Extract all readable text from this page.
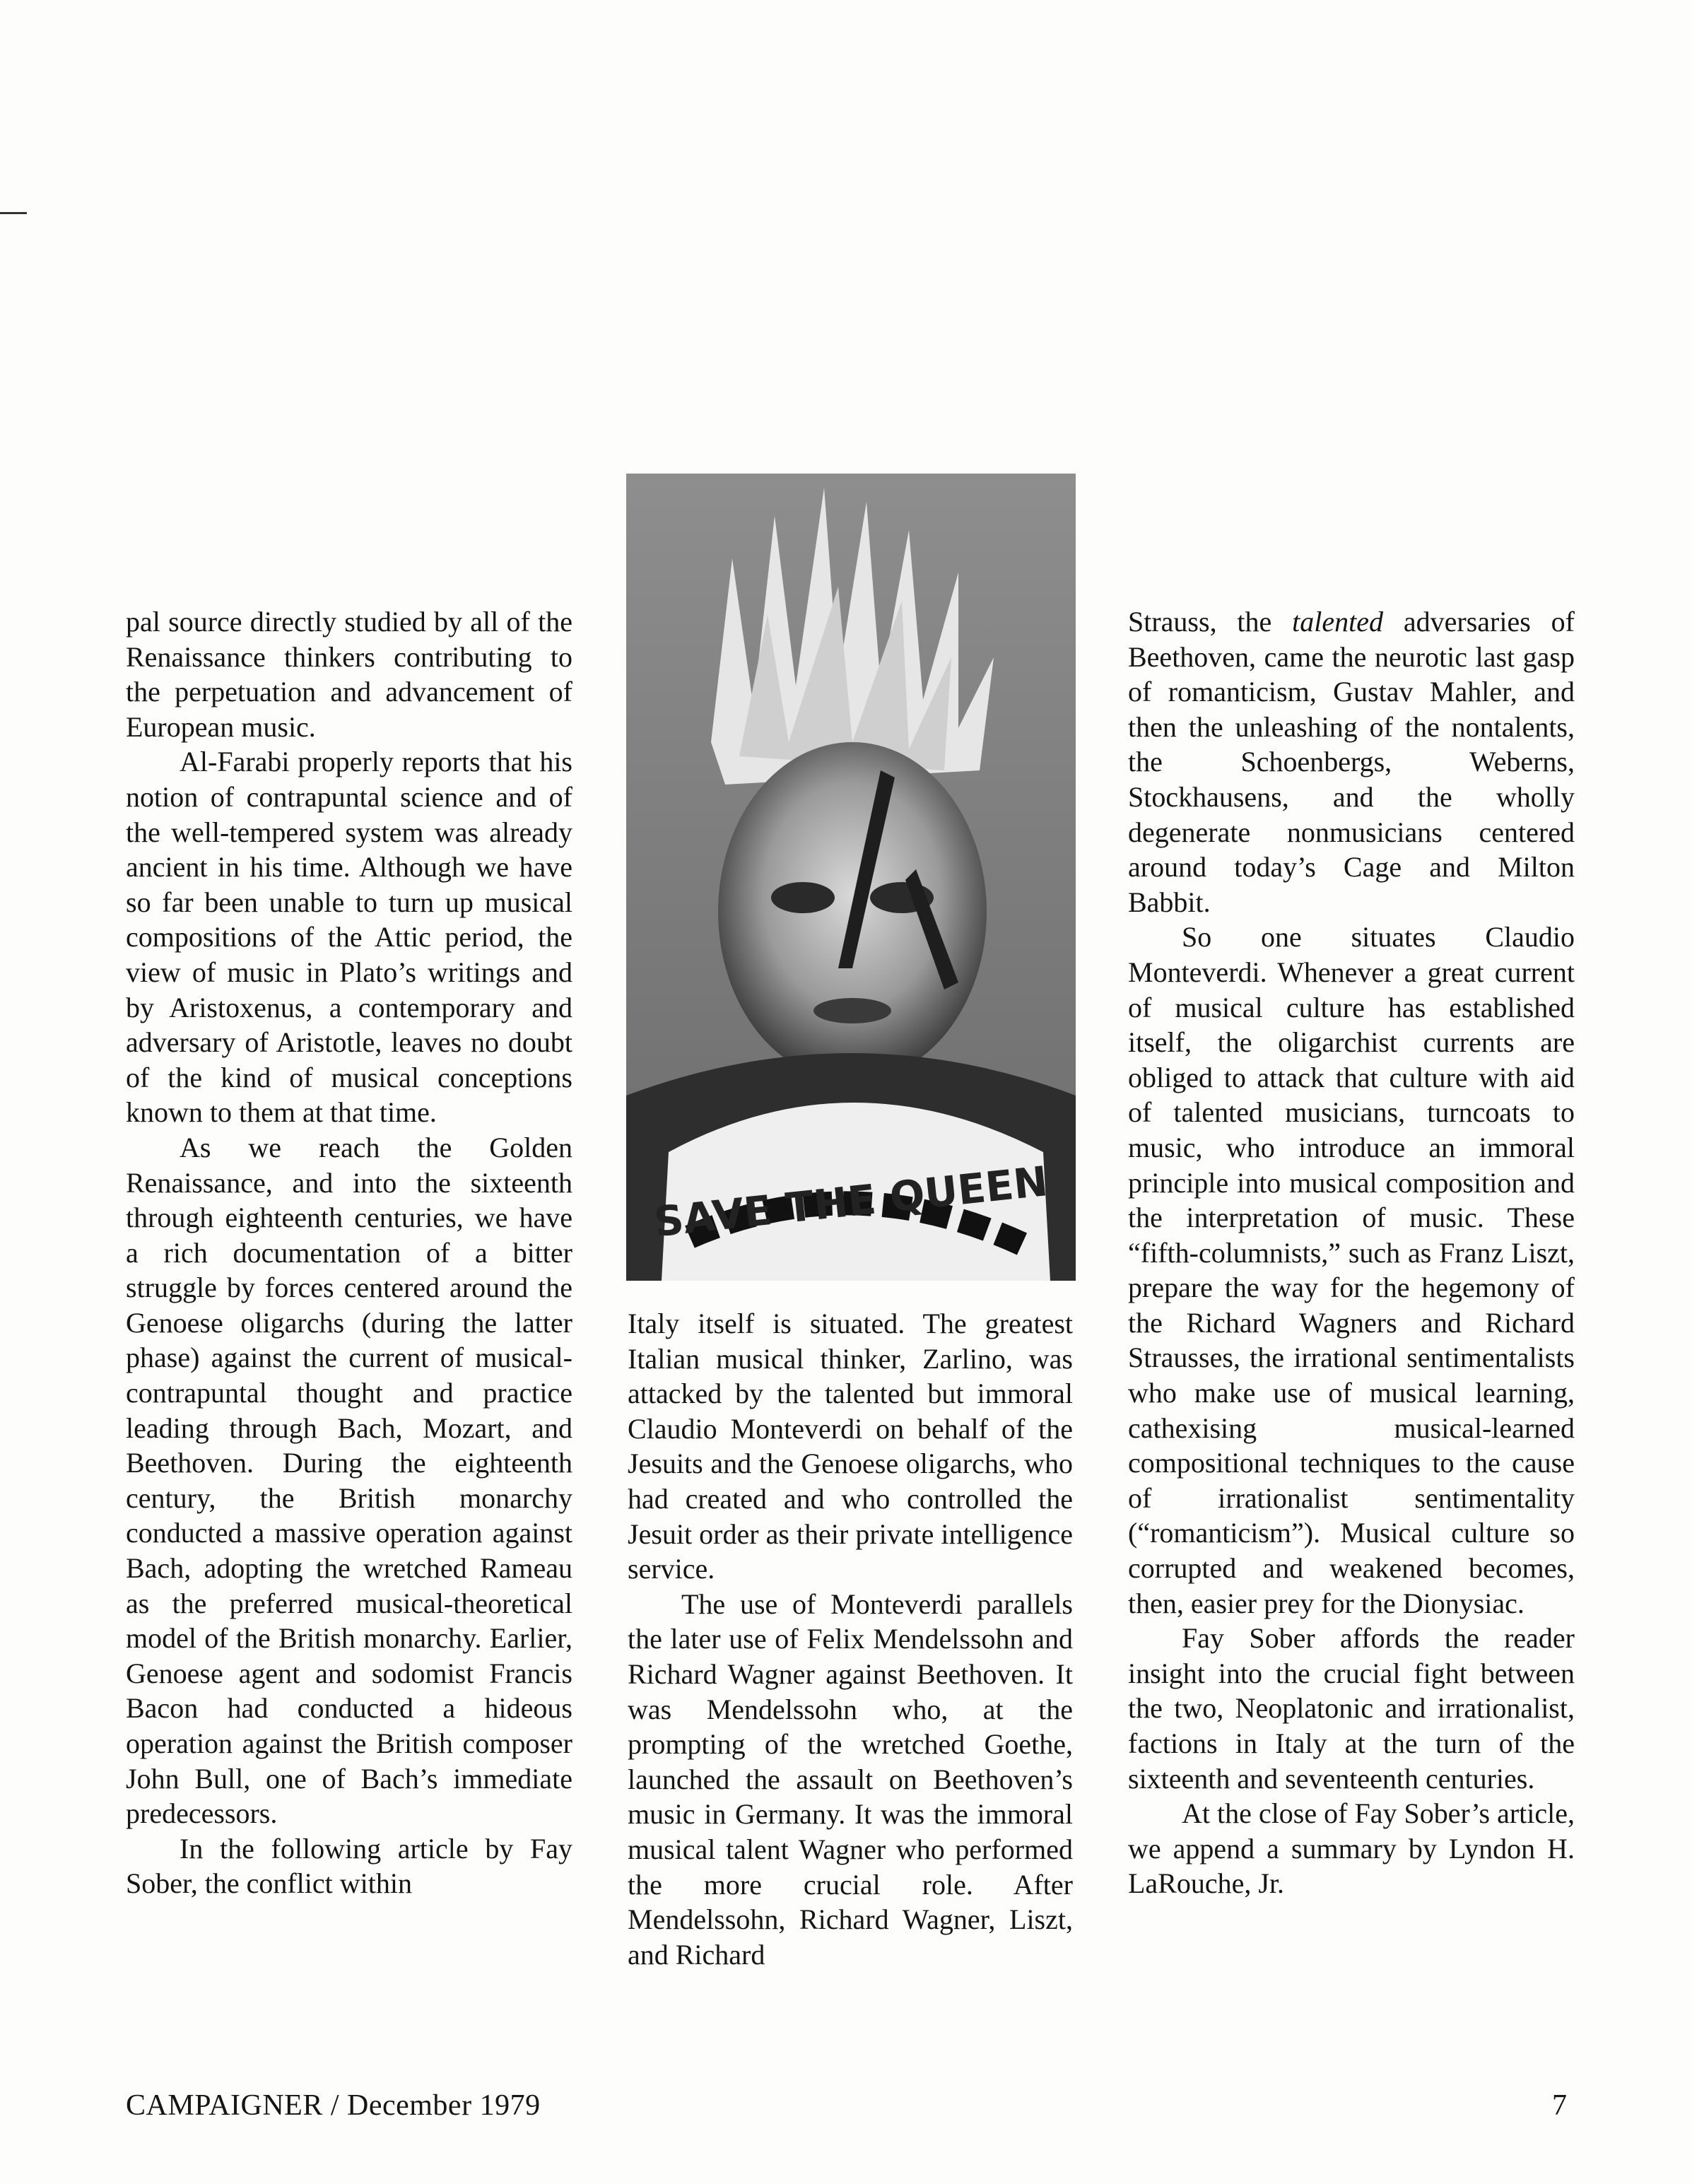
pal source directly studied by all of the Renaissance thinkers contributing to the perpetuation and advancement of European music.

Al-Farabi properly reports that his notion of contrapuntal science and of the well-tempered system was already ancient in his time. Although we have so far been unable to turn up musical compositions of the Attic period, the view of music in Plato’s writings and by Aristoxenus, a contemporary and adversary of Aristotle, leaves no doubt of the kind of musical conceptions known to them at that time.

As we reach the Golden Renaissance, and into the sixteenth through eighteenth centuries, we have a rich documentation of a bitter struggle by forces centered around the Genoese oligarchs (during the latter phase) against the current of musical-contrapuntal thought and practice leading through Bach, Mozart, and Beethoven. During the eighteenth century, the British monarchy conducted a massive operation against Bach, adopting the wretched Rameau as the preferred musical-theoretical model of the British monarchy. Earlier, Genoese agent and sodomist Francis Bacon had conducted a hideous operation against the British composer John Bull, one of Bach’s immediate predecessors.

In the following article by Fay Sober, the conflict within

SAVE THE QUEEN

Italy itself is situated. The greatest Italian musical thinker, Zarlino, was attacked by the talented but immoral Claudio Monteverdi on behalf of the Jesuits and the Genoese oligarchs, who had created and who controlled the Jesuit order as their private intelligence service.

The use of Monteverdi parallels the later use of Felix Mendelssohn and Richard Wagner against Beethoven. It was Mendelssohn who, at the prompting of the wretched Goethe, launched the assault on Beethoven’s music in Germany. It was the immoral musical talent Wagner who performed the more crucial role. After Mendelssohn, Richard Wagner, Liszt, and Richard

Strauss, the talented adversaries of Beethoven, came the neurotic last gasp of romanticism, Gustav Mahler, and then the unleashing of the nontalents, the Schoenbergs, Weberns, Stockhausens, and the wholly degenerate nonmusicians centered around today’s Cage and Milton Babbit.

So one situates Claudio Monteverdi. Whenever a great current of musical culture has established itself, the oligarchist currents are obliged to attack that culture with aid of talented musicians, turncoats to music, who introduce an immoral principle into musical composition and the interpretation of music. These “fifth-columnists,” such as Franz Liszt, prepare the way for the hegemony of the Richard Wagners and Richard Strausses, the irrational sentimentalists who make use of musical learning, cathexising musical-learned compositional techniques to the cause of irrationalist sentimentality (“romanticism”). Musical culture so corrupted and weakened becomes, then, easier prey for the Dionysiac.

Fay Sober affords the reader insight into the crucial fight between the two, Neoplatonic and irrationalist, factions in Italy at the turn of the sixteenth and seventeenth centuries.

At the close of Fay Sober’s article, we append a summary by Lyndon H. LaRouche, Jr.

CAMPAIGNER / December 1979	7
